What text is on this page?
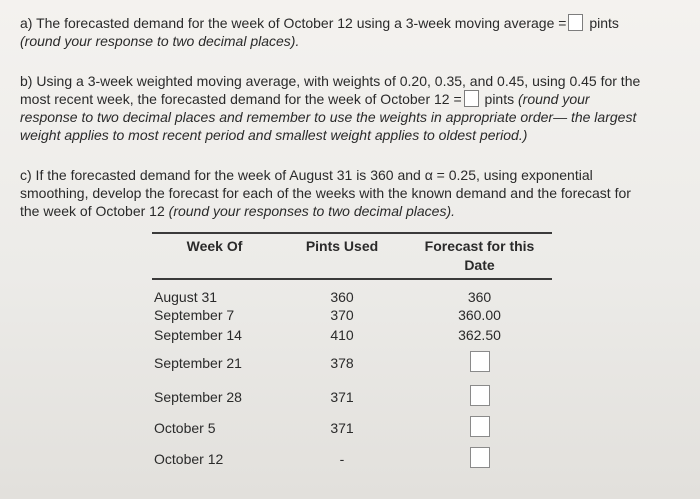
a) The forecasted demand for the week of October 12 using a 3-week moving average = pints
(round your response to two decimal places).
b) Using a 3-week weighted moving average, with weights of 0.20, 0.35, and 0.45, using 0.45 for the
most recent week, the forecasted demand for the week of October 12 = pints (round your
response to two decimal places and remember to use the weights in appropriate order— the largest
weight applies to most recent period and smallest weight applies to oldest period.)
c) If the forecasted demand for the week of August 31 is 360 and α = 0.25, using exponential
smoothing, develop the forecast for each of the weeks with the known demand and the forecast for
the week of October 12 (round your responses to two decimal places).

Week Of	Pints Used	Forecast for this
Date

August 31	360	360
September 7	370	360.00
September 14	410	362.50
September 21	378	
September 28	371	
October 5	371	
October 12	-	
